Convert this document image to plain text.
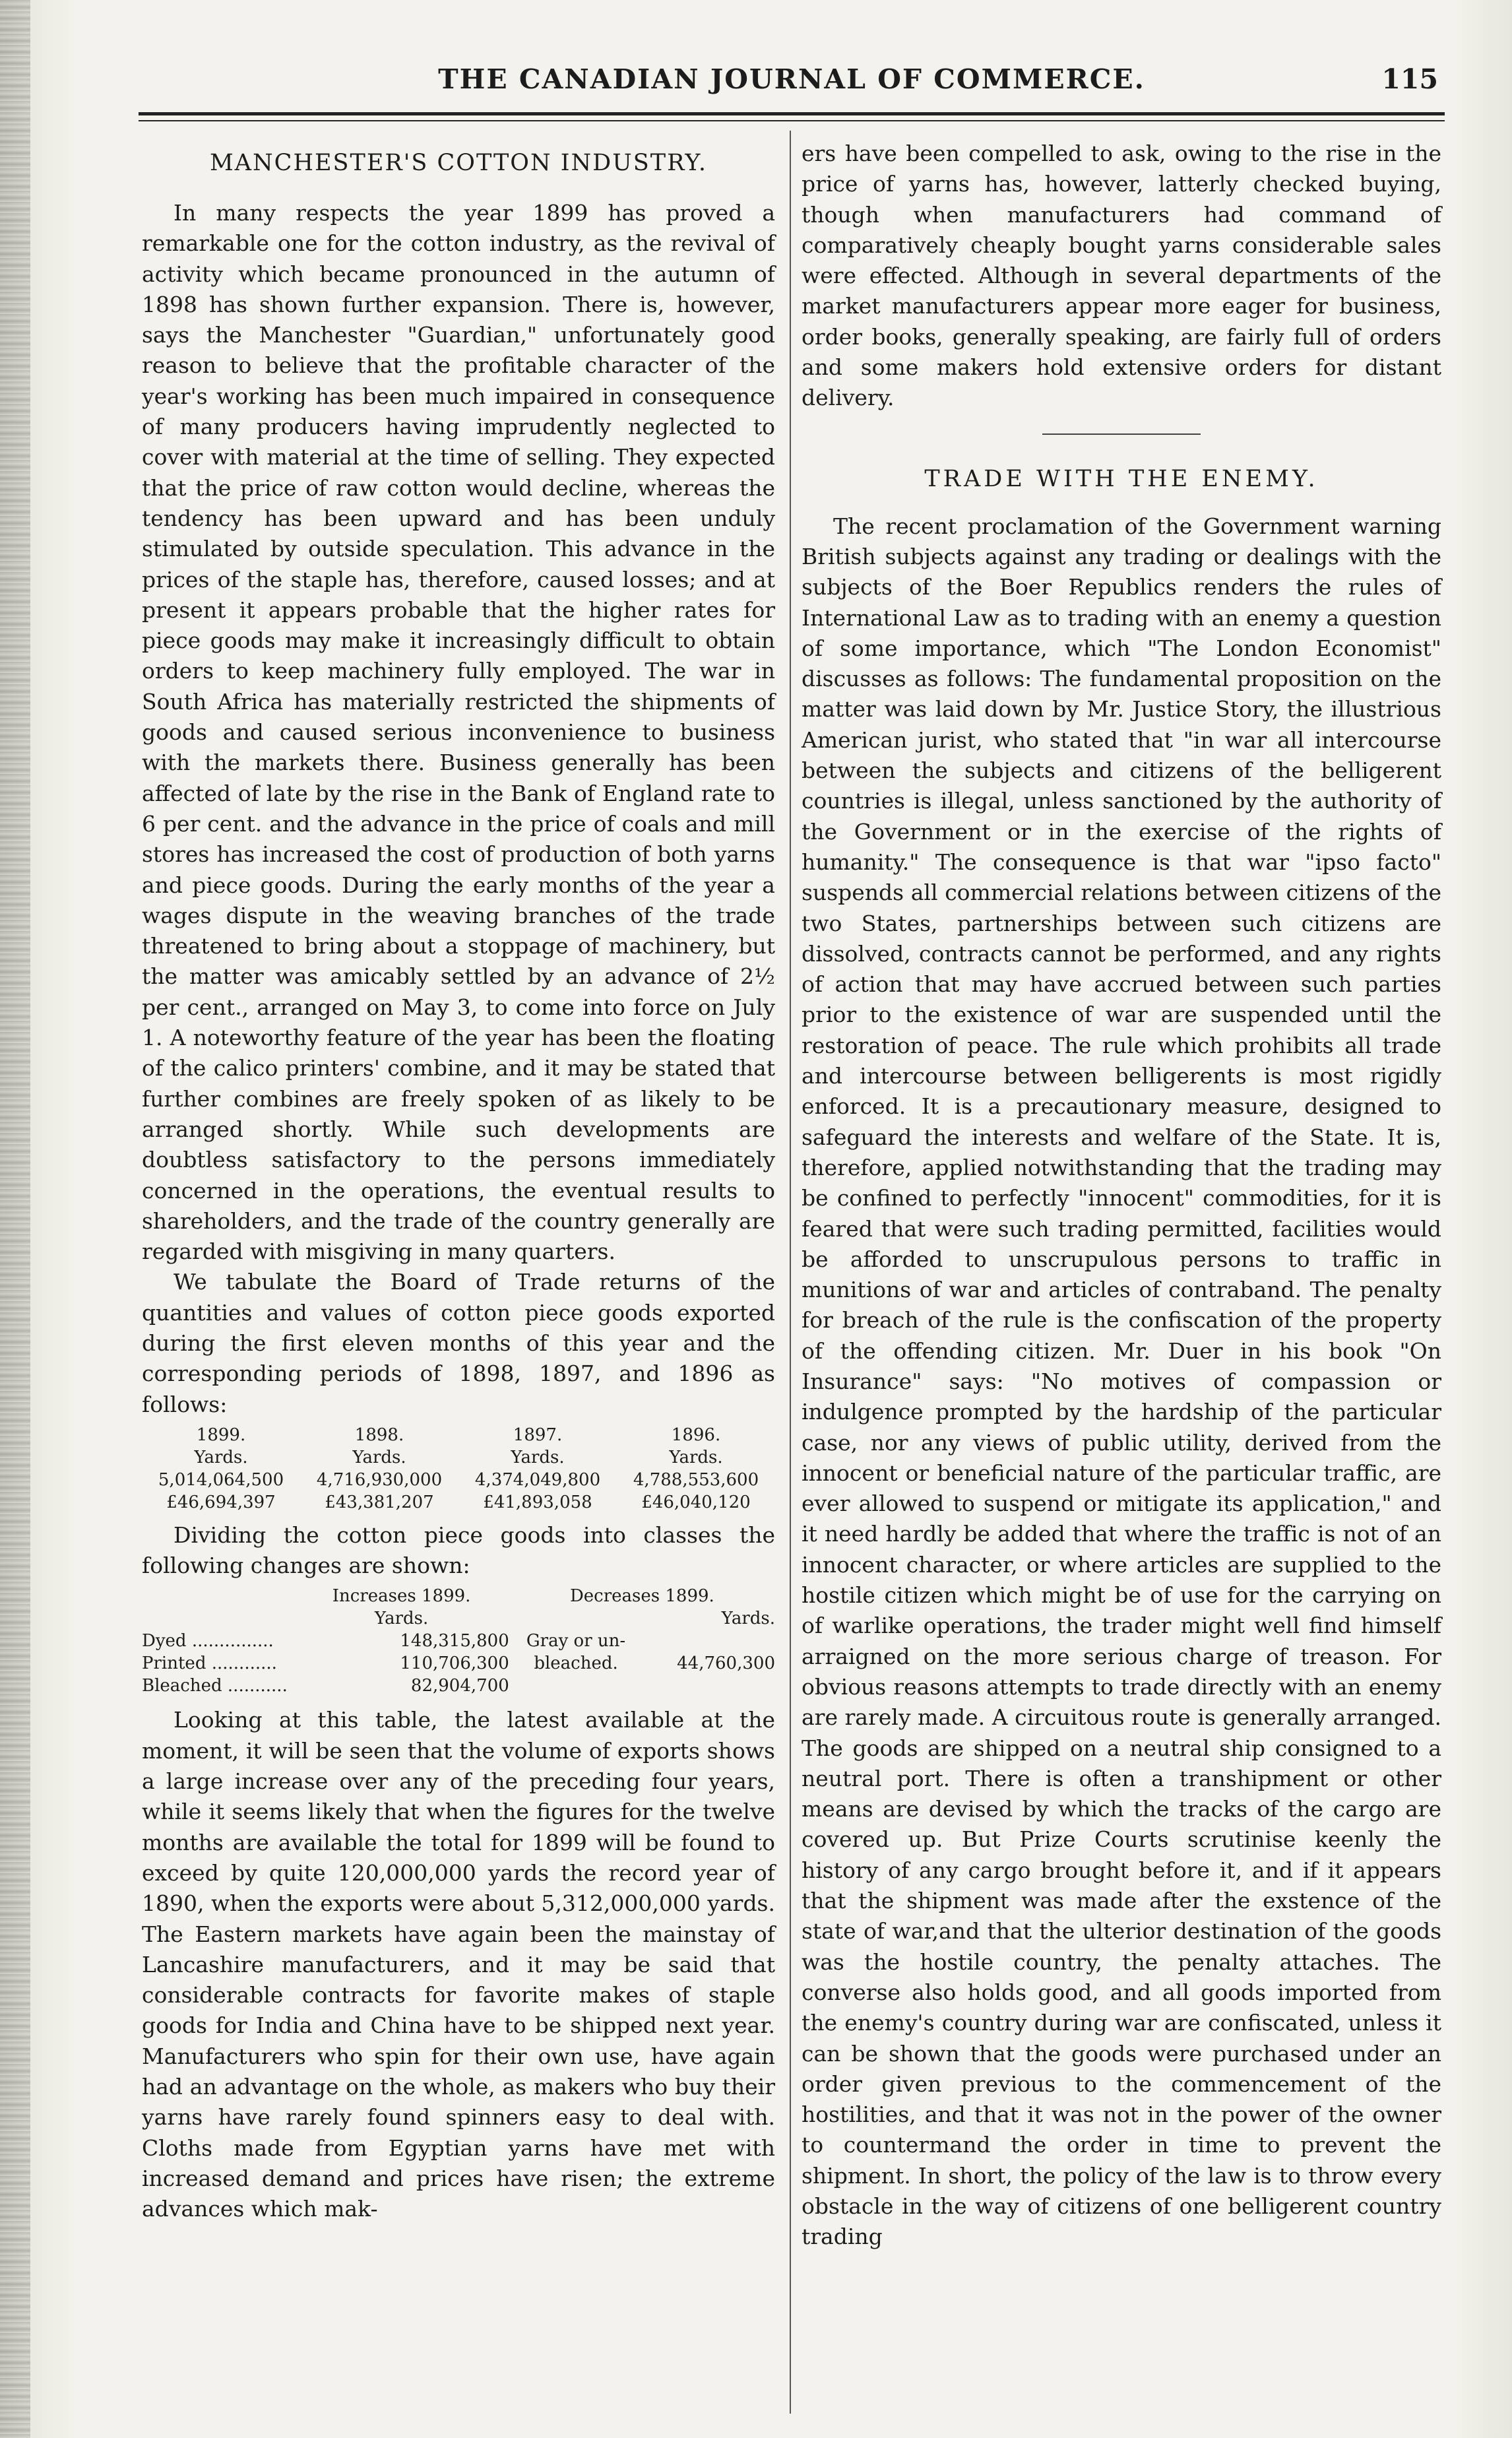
THE CANADIAN JOURNAL OF COMMERCE.	115
MANCHESTER'S COTTON INDUSTRY.

In many respects the year 1899 has proved a remarkable one for the cotton industry, as the revival of activity which became pronounced in the autumn of 1898 has shown further expansion. There is, however, says the Manchester "Guardian," unfortunately good reason to believe that the profitable character of the year's working has been much impaired in consequence of many producers having imprudently neglected to cover with material at the time of selling. They expected that the price of raw cotton would decline, whereas the tendency has been upward and has been unduly stimulated by outside speculation. This advance in the prices of the staple has, therefore, caused losses; and at present it appears probable that the higher rates for piece goods may make it increasingly difficult to obtain orders to keep machinery fully employed. The war in South Africa has materially restricted the shipments of goods and caused serious inconvenience to business with the markets there. Business generally has been affected of late by the rise in the Bank of England rate to 6 per cent. and the advance in the price of coals and mill stores has increased the cost of production of both yarns and piece goods. During the early months of the year a wages dispute in the weaving branches of the trade threatened to bring about a stoppage of machinery, but the matter was amicably settled by an advance of 2½ per cent., arranged on May 3, to come into force on July 1. A noteworthy feature of the year has been the floating of the calico printers' combine, and it may be stated that further combines are freely spoken of as likely to be arranged shortly. While such developments are doubtless satisfactory to the persons immediately concerned in the operations, the eventual results to shareholders, and the trade of the country generally are regarded with misgiving in many quarters.

We tabulate the Board of Trade returns of the quantities and values of cotton piece goods exported during the first eleven months of this year and the corresponding periods of 1898, 1897, and 1896 as follows:

1899.	1898.	1897.	1896.
Yards.	Yards.	Yards.	Yards.
5,014,064,500	4,716,930,000	4,374,049,800	4,788,553,600
£46,694,397	£43,381,207	£41,893,058	£46,040,120

Dividing the cotton piece goods into classes the following changes are shown:

	Increases 1899.	Decreases 1899.	
	Yards.		Yards.
Dyed ...............	148,315,800	Gray or un-	
Printed ............	110,706,300	bleached.	44,760,300
Bleached ...........	82,904,700		

Looking at this table, the latest available at the moment, it will be seen that the volume of exports shows a large increase over any of the preceding four years, while it seems likely that when the figures for the twelve months are available the total for 1899 will be found to exceed by quite 120,000,000 yards the record year of 1890, when the exports were about 5,312,000,000 yards. The Eastern markets have again been the mainstay of Lancashire manufacturers, and it may be said that considerable contracts for favorite makes of staple goods for India and China have to be shipped next year. Manufacturers who spin for their own use, have again had an advantage on the whole, as makers who buy their yarns have rarely found spinners easy to deal with. Cloths made from Egyptian yarns have met with increased demand and prices have risen; the extreme advances which mak-

ers have been compelled to ask, owing to the rise in the price of yarns has, however, latterly checked buying, though when manufacturers had command of comparatively cheaply bought yarns considerable sales were effected. Although in several departments of the market manufacturers appear more eager for business, order books, generally speaking, are fairly full of orders and some makers hold extensive orders for distant delivery.

TRADE WITH THE ENEMY.

The recent proclamation of the Government warning British subjects against any trading or dealings with the subjects of the Boer Republics renders the rules of International Law as to trading with an enemy a question of some importance, which "The London Economist" discusses as follows: The fundamental proposition on the matter was laid down by Mr. Justice Story, the illustrious American jurist, who stated that "in war all intercourse between the subjects and citizens of the belligerent countries is illegal, unless sanctioned by the authority of the Government or in the exercise of the rights of humanity." The consequence is that war "ipso facto" suspends all commercial relations between citizens of the two States, partnerships between such citizens are dissolved, contracts cannot be performed, and any rights of action that may have accrued between such parties prior to the existence of war are suspended until the restoration of peace. The rule which prohibits all trade and intercourse between belligerents is most rigidly enforced. It is a precautionary measure, designed to safeguard the interests and welfare of the State. It is, therefore, applied notwithstanding that the trading may be confined to perfectly "innocent" commodities, for it is feared that were such trading permitted, facilities would be afforded to unscrupulous persons to traffic in munitions of war and articles of contraband. The penalty for breach of the rule is the confiscation of the property of the offending citizen. Mr. Duer in his book "On Insurance" says: "No motives of compassion or indulgence prompted by the hardship of the particular case, nor any views of public utility, derived from the innocent or beneficial nature of the particular traffic, are ever allowed to suspend or mitigate its application," and it need hardly be added that where the traffic is not of an innocent character, or where articles are supplied to the hostile citizen which might be of use for the carrying on of warlike operations, the trader might well find himself arraigned on the more serious charge of treason. For obvious reasons attempts to trade directly with an enemy are rarely made. A circuitous route is generally arranged. The goods are shipped on a neutral ship consigned to a neutral port. There is often a transhipment or other means are devised by which the tracks of the cargo are covered up. But Prize Courts scrutinise keenly the history of any cargo brought before it, and if it appears that the shipment was made after the exstence of the state of war,and that the ulterior destination of the goods was the hostile country, the penalty attaches. The converse also holds good, and all goods imported from the enemy's country during war are confiscated, unless it can be shown that the goods were purchased under an order given previous to the commencement of the hostilities, and that it was not in the power of the owner to countermand the order in time to prevent the shipment. In short, the policy of the law is to throw every obstacle in the way of citizens of one belligerent country trading
